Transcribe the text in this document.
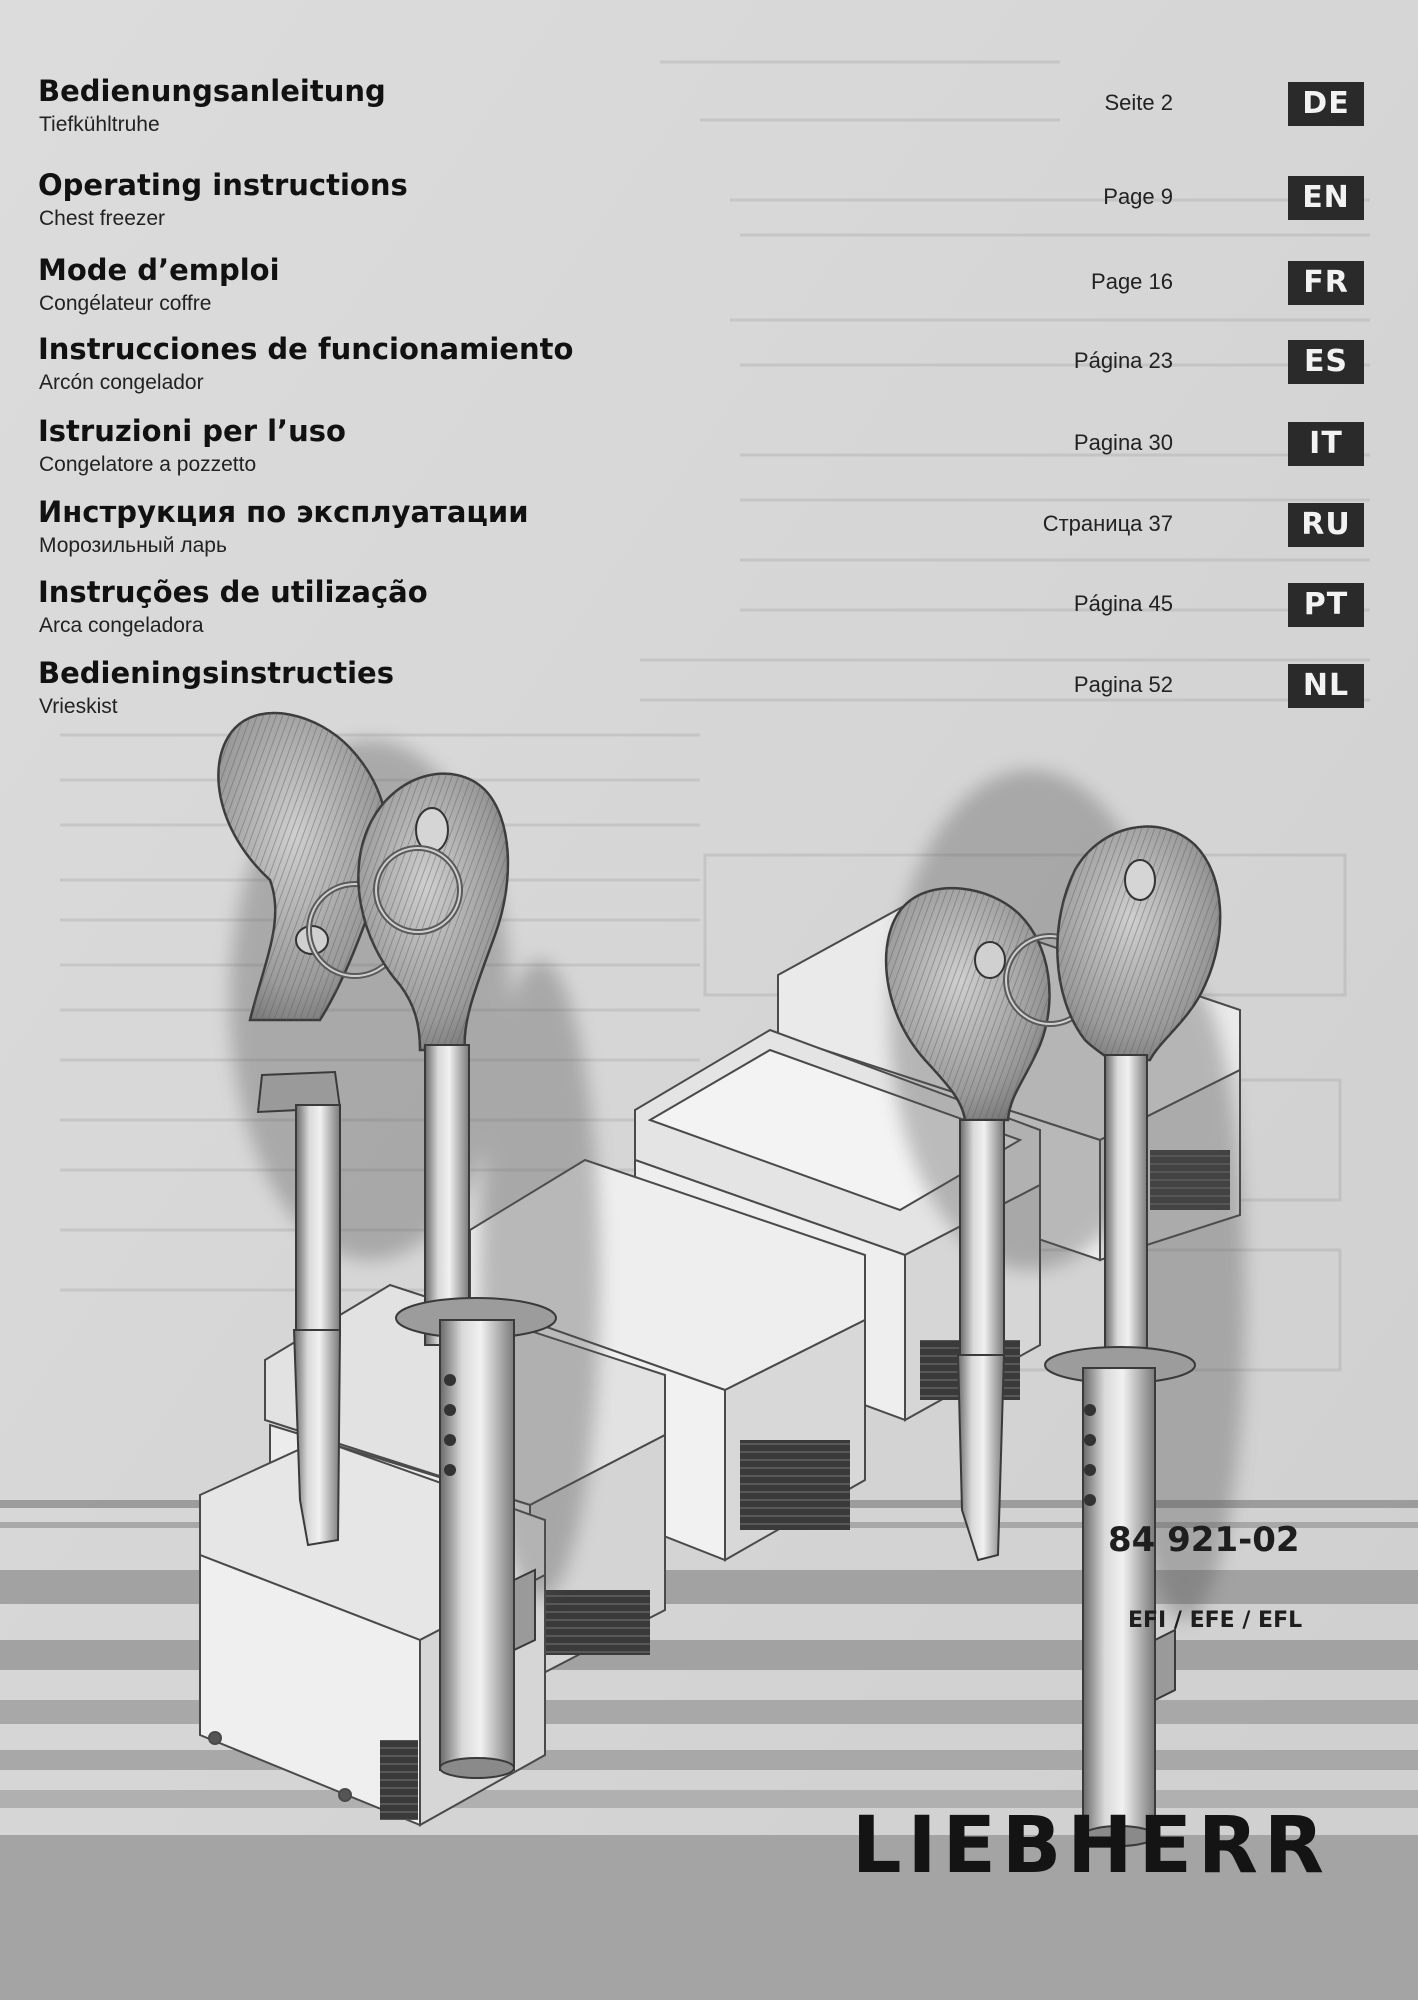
LIEBHERR
Bedienungsanleitung
Tiefkühltruhe
Seite 2	DE
Operating instructions
Chest freezer
Page 9	EN
Mode d’emploi
Congélateur coffre
Page 16	FR
Instrucciones de funcionamiento
Arcón congelador
Página 23	ES
Istruzioni per l’uso
Congelatore a pozzetto
Pagina 30	IT
Инструкция по эксплуатации
Морозильный ларь
Страница 37	RU
Instruções de utilização
Arca congeladora
Página 45	PT
Bedieningsinstructies
Vrieskist
Pagina 52	NL
84 921-02
EFI / EFE / EFL
